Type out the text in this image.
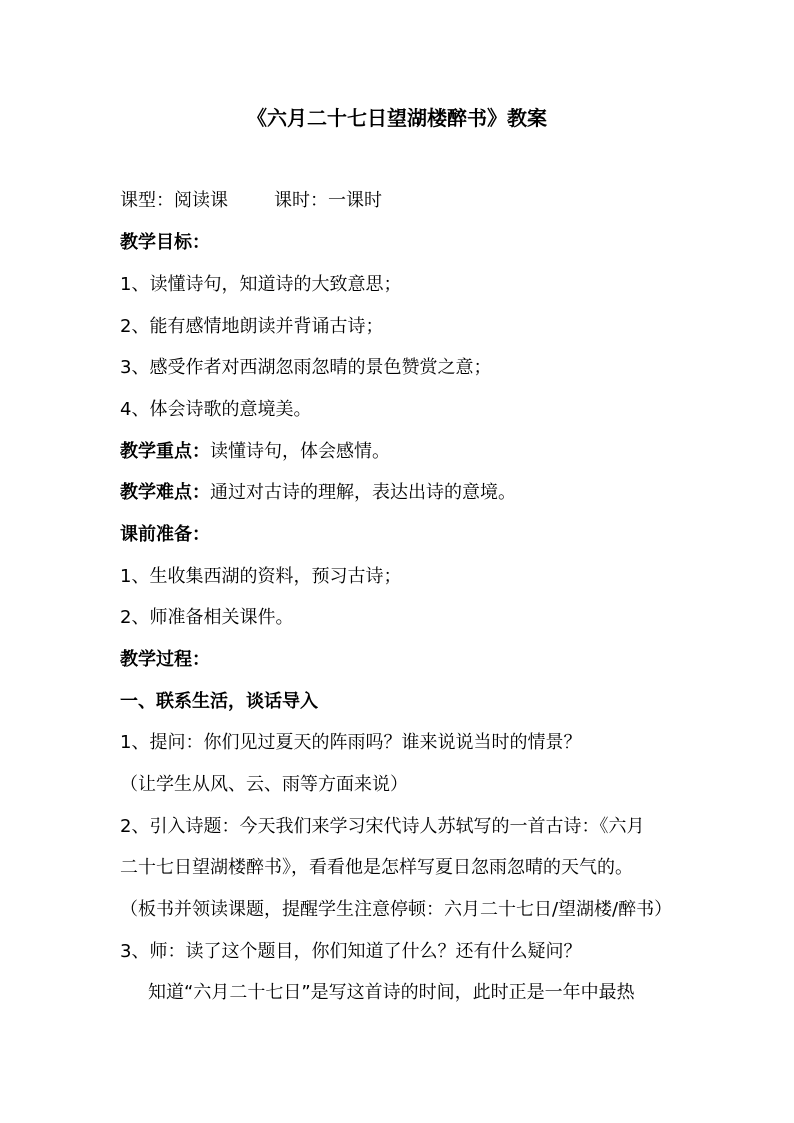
《六月二十七日望湖楼醉书》教案
课型：阅读课	课时：一课时
教学目标：
1、读懂诗句，知道诗的大致意思；
2、能有感情地朗读并背诵古诗；
3、感受作者对西湖忽雨忽晴的景色赞赏之意；
4、体会诗歌的意境美。
教学重点：读懂诗句，体会感情。
教学难点：通过对古诗的理解，表达出诗的意境。
课前准备：
1、生收集西湖的资料，预习古诗；
2、师准备相关课件。
教学过程：
一、联系生活，谈话导入
1、提问：你们见过夏天的阵雨吗？谁来说说当时的情景？
（让学生从风、云、雨等方面来说）
2、引入诗题：今天我们来学习宋代诗人苏轼写的一首古诗：《六月
二十七日望湖楼醉书》，看看他是怎样写夏日忽雨忽晴的天气的。
（板书并领读课题，提醒学生注意停顿：六月二十七日/望湖楼/醉书）
3、师：读了这个题目，你们知道了什么？还有什么疑问？
知道“六月二十七日”是写这首诗的时间，此时正是一年中最热
